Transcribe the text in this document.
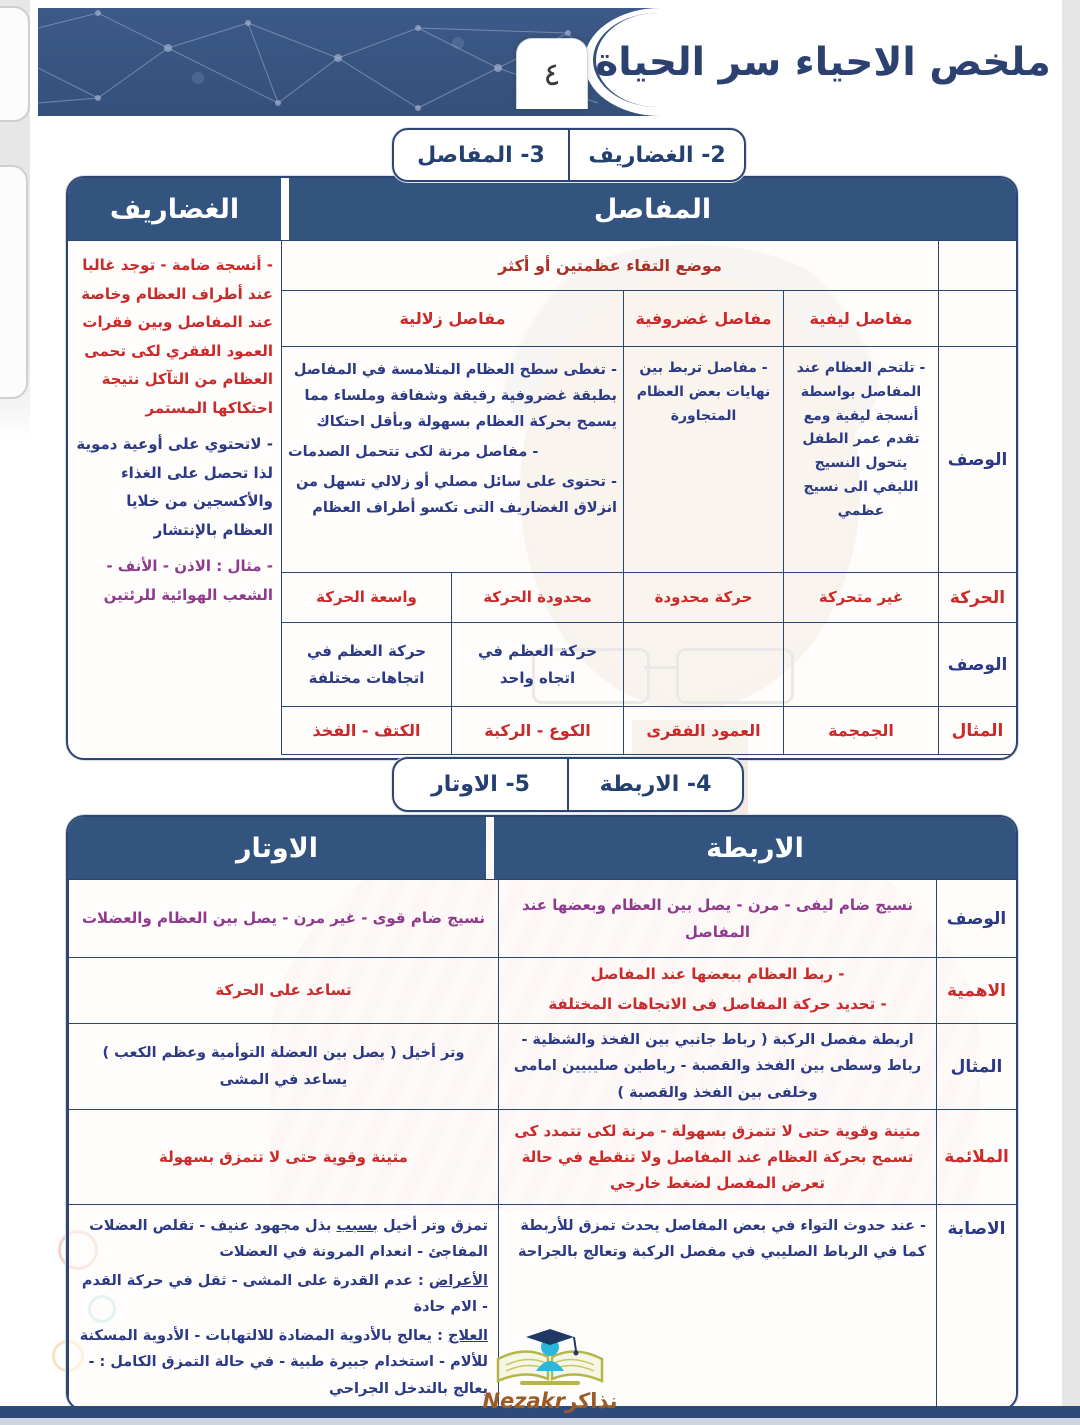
ملخص الاحياء سر الحياة
٤
2- الغضاريف
3- المفاصل
المفاصل
الغضاريف
موضع التقاء عظمتين أو أكثر
مفاصل ليفية
مفاصل غضروفية
مفاصل زلالية
الوصف
- تلتحم العظام عند المفاصل بواسطة أنسجة ليفية ومع تقدم عمر الطفل يتحول النسيج الليفي الى نسيج عظمي
- مفاصل تربط بين نهايات بعض العظام المتجاورة

- تغطى سطح العظام المتلامسة في المفاصل بطبقة غضروفية رقيقة وشفافة وملساء مما يسمح بحركة العظام بسهولة وبأقل احتكاك

- مفاصل مرنة لكى تتحمل الصدمات

- تحتوى على سائل مصلي أو زلالي تسهل من انزلاق الغضاريف التى تكسو أطراف العظام

الحركة
غير متحركة
حركة محدودة
محدودة الحركة
واسعة الحركة
الوصف
حركة العظم في اتجاه واحد
حركة العظم في اتجاهات مختلفة
المثال
الجمجمة
العمود الفقرى
الكوع - الركبة
الكتف - الفخذ

- أنسجة ضامة - توجد غالبا عند أطراف العظام وخاصة عند المفاصل وبين فقرات العمود الفقري لكى تحمى العظام من التآكل نتيجة احتكاكها المستمر

- لاتحتوي على أوعية دموية لذا تحصل على الغذاء والأكسجين من خلايا العظام بالإنتشار

- مثال : الاذن - الأنف - الشعب الهوائية للرئتين

4- الاربطة
5- الاوتار
الاربطة
الاوتار
الوصف
نسيج ضام ليفى - مرن - يصل بين العظام وبعضها عند المفاصل
نسيج ضام قوى - غير مرن - يصل بين العظام والعضلات
الاهمية

- ربط العظام ببعضها عند المفاصل

- تحديد حركة المفاصل فى الاتجاهات المختلفة

تساعد على الحركة
المثال
اربطة مفصل الركبة ( رباط جانبي بين الفخذ والشظية - رباط وسطى بين الفخذ والقصبة - رباطين صليبيين امامى وخلفى بين الفخذ والقصبة )
وتر أخيل ( يصل بين العضلة التوأمية وعظم الكعب ) يساعد في المشى
الملائمة
متينة وقوية حتى لا تتمزق بسهولة - مرنة لكى تتمدد كى تسمح بحركة العظام عند المفاصل ولا تنقطع في حالة تعرض المفصل لضغط خارجي
متينة وقوية حتى لا تتمزق بسهولة
الاصابة
- عند حدوث التواء في بعض المفاصل يحدث تمزق للأربطة كما في الرباط الصليبي في مفصل الركبة وتعالج بالجراحة

تمزق وتر أخيل بسبب بذل مجهود عنيف - تقلص العضلات المفاجئ - انعدام المرونة في العضلات

الأعراض : عدم القدرة على المشى - ثقل في حركة القدم - الام حادة

العلاج : يعالج بالأدوية المضادة للالتهابات - الأدوية المسكنة للألام - استخدام جبيرة طبية - في حالة التمزق الكامل : - يعالج بالتدخل الجراحي

Nezakr نذاكر
